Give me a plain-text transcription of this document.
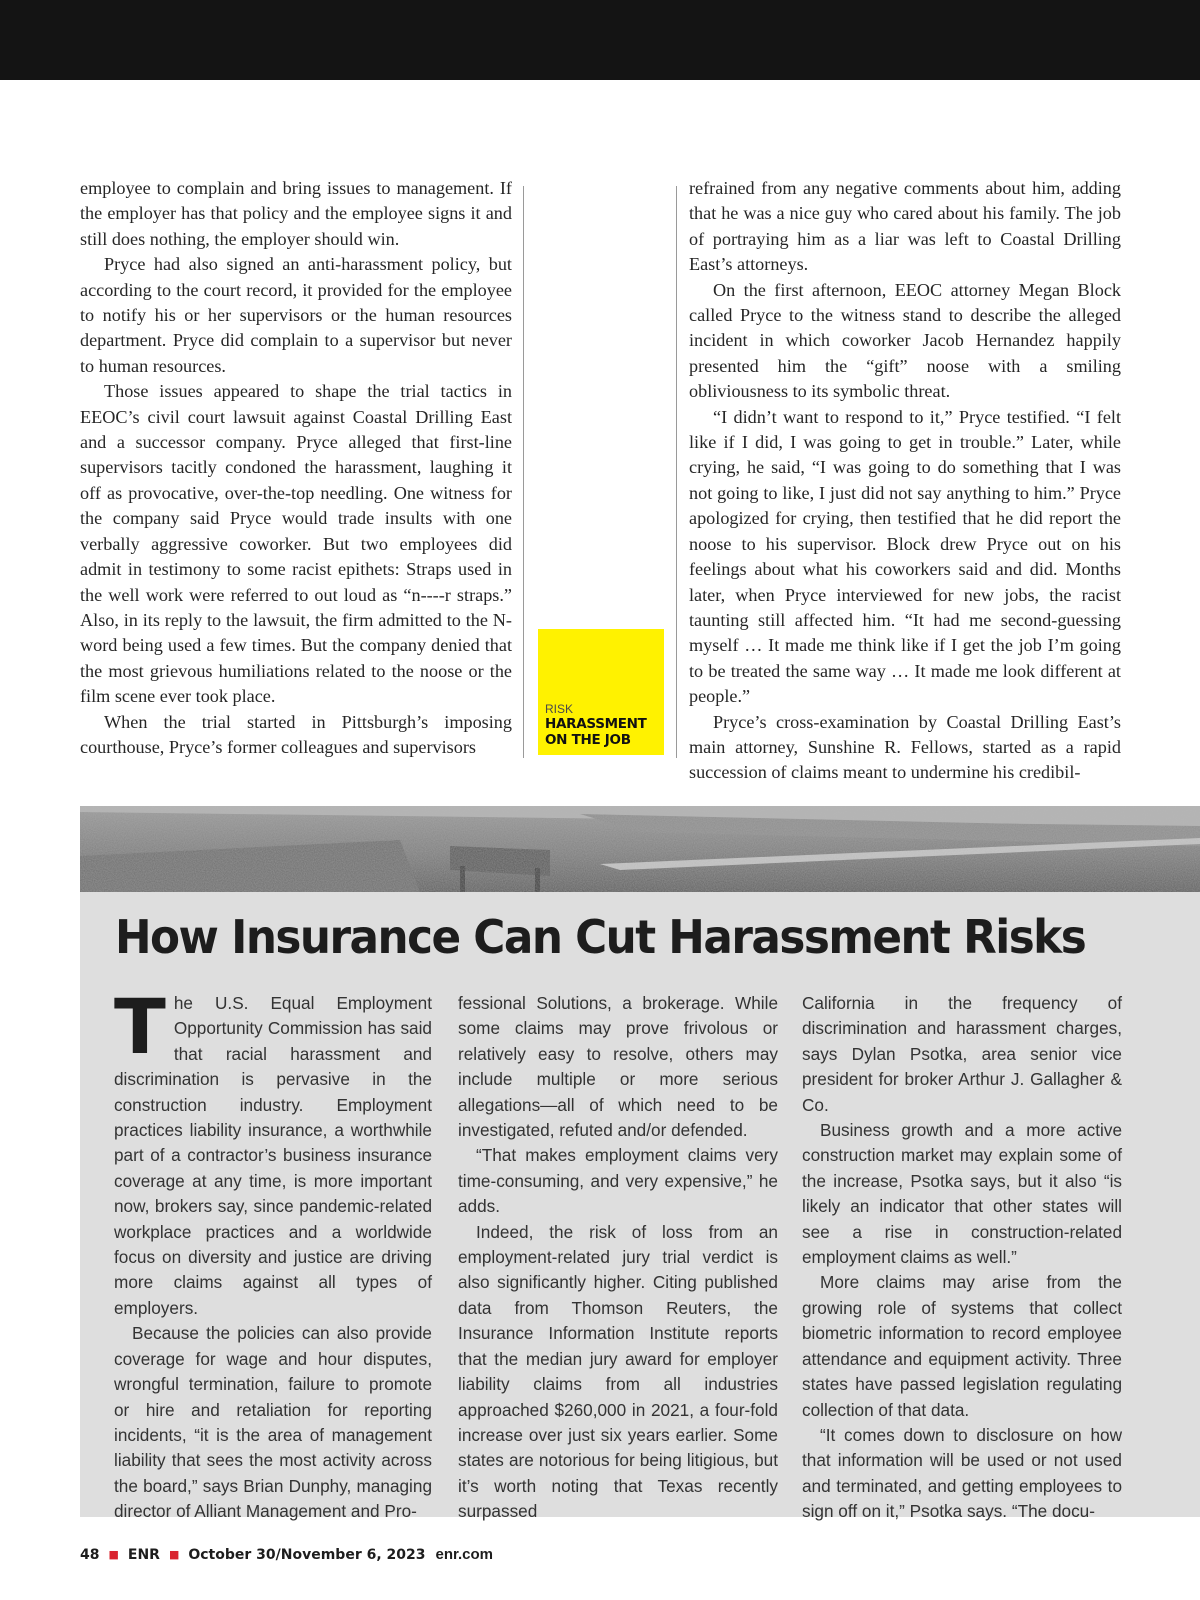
employee to complain and bring issues to management. If the employer has that policy and the employee signs it and still does nothing, the employer should win.

Pryce had also signed an anti-harassment policy, but according to the court record, it provided for the employee to notify his or her supervisors or the human resources department. Pryce did complain to a supervisor but never to human resources.

Those issues appeared to shape the trial tactics in EEOC’s civil court lawsuit against Coastal Drilling East and a successor company. Pryce alleged that first-line supervisors tacitly condoned the harassment, laughing it off as provocative, over-the-top needling. One witness for the company said Pryce would trade insults with one verbally aggressive coworker. But two employees did admit in testimony to some racist epithets: Straps used in the well work were referred to out loud as “n----r straps.” Also, in its reply to the lawsuit, the firm admitted to the N-word being used a few times. But the company denied that the most grievous humiliations related to the noose or the film scene ever took place.

When the trial started in Pittsburgh’s imposing courthouse, Pryce’s former colleagues and supervisors

RISK
HARASSMENT
ON THE JOB

refrained from any negative comments about him, adding that he was a nice guy who cared about his family. The job of portraying him as a liar was left to Coastal Drilling East’s attorneys.

On the first afternoon, EEOC attorney Megan Block called Pryce to the witness stand to describe the alleged incident in which coworker Jacob Hernandez happily presented him the “gift” noose with a smiling obliviousness to its symbolic threat.

“I didn’t want to respond to it,” Pryce testified. “I felt like if I did, I was going to get in trouble.” Later, while crying, he said, “I was going to do something that I was not going to like, I just did not say anything to him.” Pryce apologized for crying, then testified that he did report the noose to his supervisor. Block drew Pryce out on his feelings about what his coworkers said and did. Months later, when Pryce interviewed for new jobs, the racist taunting still affected him. “It had me second-guessing myself … It made me think like if I get the job I’m going to be treated the same way … It made me look different at people.”

Pryce’s cross-examination by Coastal Drilling East’s main attorney, Sunshine R. Fellows, started as a rapid succession of claims meant to undermine his credibil-

How Insurance Can Cut Harassment Risks

The U.S. Equal Employment Opportunity Commission has said that racial harassment and discrimination is pervasive in the construction industry. Employment practices liability insurance, a worthwhile part of a contractor’s business insurance coverage at any time, is more important now, brokers say, since pandemic-related workplace practices and a worldwide focus on diversity and justice are driving more claims against all types of employers.

Because the policies can also provide coverage for wage and hour disputes, wrongful termination, failure to promote or hire and retaliation for reporting incidents, “it is the area of management liability that sees the most activity across the board,” says Brian Dunphy, managing director of Alliant Management and Pro-

fessional Solutions, a brokerage. While some claims may prove frivolous or relatively easy to resolve, others may include multiple or more serious allegations—all of which need to be investigated, refuted and/or defended.

“That makes employment claims very time-consuming, and very expensive,” he adds.

Indeed, the risk of loss from an employment-related jury trial verdict is also significantly higher. Citing published data from Thomson Reuters, the Insurance Information Institute reports that the median jury award for employer liability claims from all industries approached $260,000 in 2021, a four-fold increase over just six years earlier. Some states are notorious for being litigious, but it’s worth noting that Texas recently surpassed

California in the frequency of discrimination and harassment charges, says Dylan Psotka, area senior vice president for broker Arthur J. Gallagher & Co.

Business growth and a more active construction market may explain some of the increase, Psotka says, but it also “is likely an indicator that other states will see a rise in construction-related employment claims as well.”

More claims may arise from the growing role of systems that collect biometric information to record employee attendance and equipment activity. Three states have passed legislation regulating collection of that data.

“It comes down to disclosure on how that information will be used or not used and terminated, and getting employees to sign off on it,” Psotka says. “The docu-

48 ■ ENR ■ October 30/November 6, 2023 enr.com
